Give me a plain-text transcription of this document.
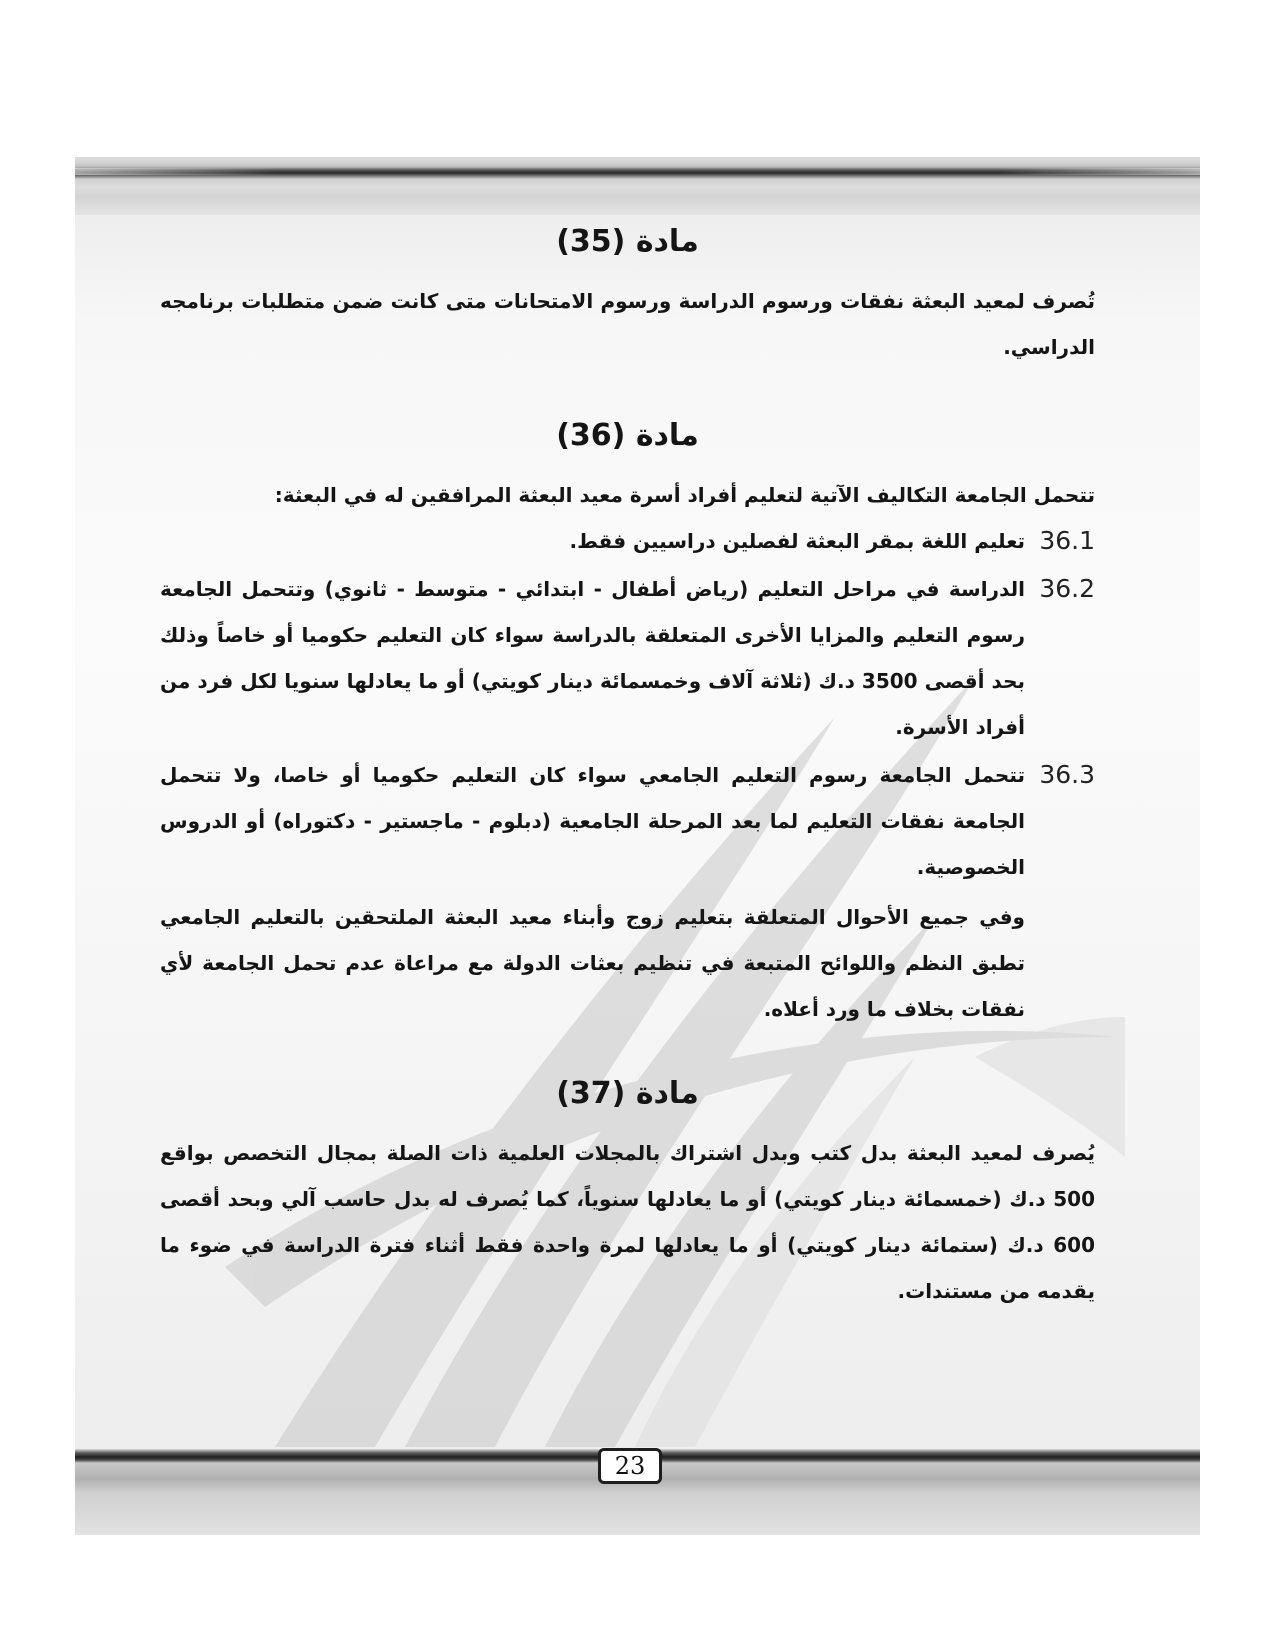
23
مادة (35)

تُصرف لمعيد البعثة نفقات ورسوم الدراسة ورسوم الامتحانات متى كانت ضمن متطلبات برنامجه الدراسي.

مادة (36)

تتحمل الجامعة التكاليف الآتية لتعليم أفراد أسرة معيد البعثة المرافقين له في البعثة:

36.1
تعليم اللغة بمقر البعثة لفصلين دراسيين فقط.
36.2
الدراسة في مراحل التعليم (رياض أطفال - ابتدائي - متوسط - ثانوي) وتتحمل الجامعة رسوم التعليم والمزايا الأخرى المتعلقة بالدراسة سواء كان التعليم حكوميا أو خاصاً وذلك بحد أقصى 3500 د.ك (ثلاثة آلاف وخمسمائة دينار كويتي) أو ما يعادلها سنويا لكل فرد من أفراد الأسرة.
36.3
تتحمل الجامعة رسوم التعليم الجامعي سواء كان التعليم حكوميا أو خاصا، ولا تتحمل الجامعة نفقات التعليم لما بعد المرحلة الجامعية (دبلوم - ماجستير - دكتوراه) أو الدروس الخصوصية.

وفي جميع الأحوال المتعلقة بتعليم زوج وأبناء معيد البعثة الملتحقين بالتعليم الجامعي تطبق النظم واللوائح المتبعة في تنظيم بعثات الدولة مع مراعاة عدم تحمل الجامعة لأي نفقات بخلاف ما ورد أعلاه.

مادة (37)

يُصرف لمعيد البعثة بدل كتب وبدل اشتراك بالمجلات العلمية ذات الصلة بمجال التخصص بواقع 500 د.ك (خمسمائة دينار كويتي) أو ما يعادلها سنوياً، كما يُصرف له بدل حاسب آلي وبحد أقصى 600 د.ك (ستمائة دينار كويتي) أو ما يعادلها لمرة واحدة فقط أثناء فترة الدراسة في ضوء ما يقدمه من مستندات.
